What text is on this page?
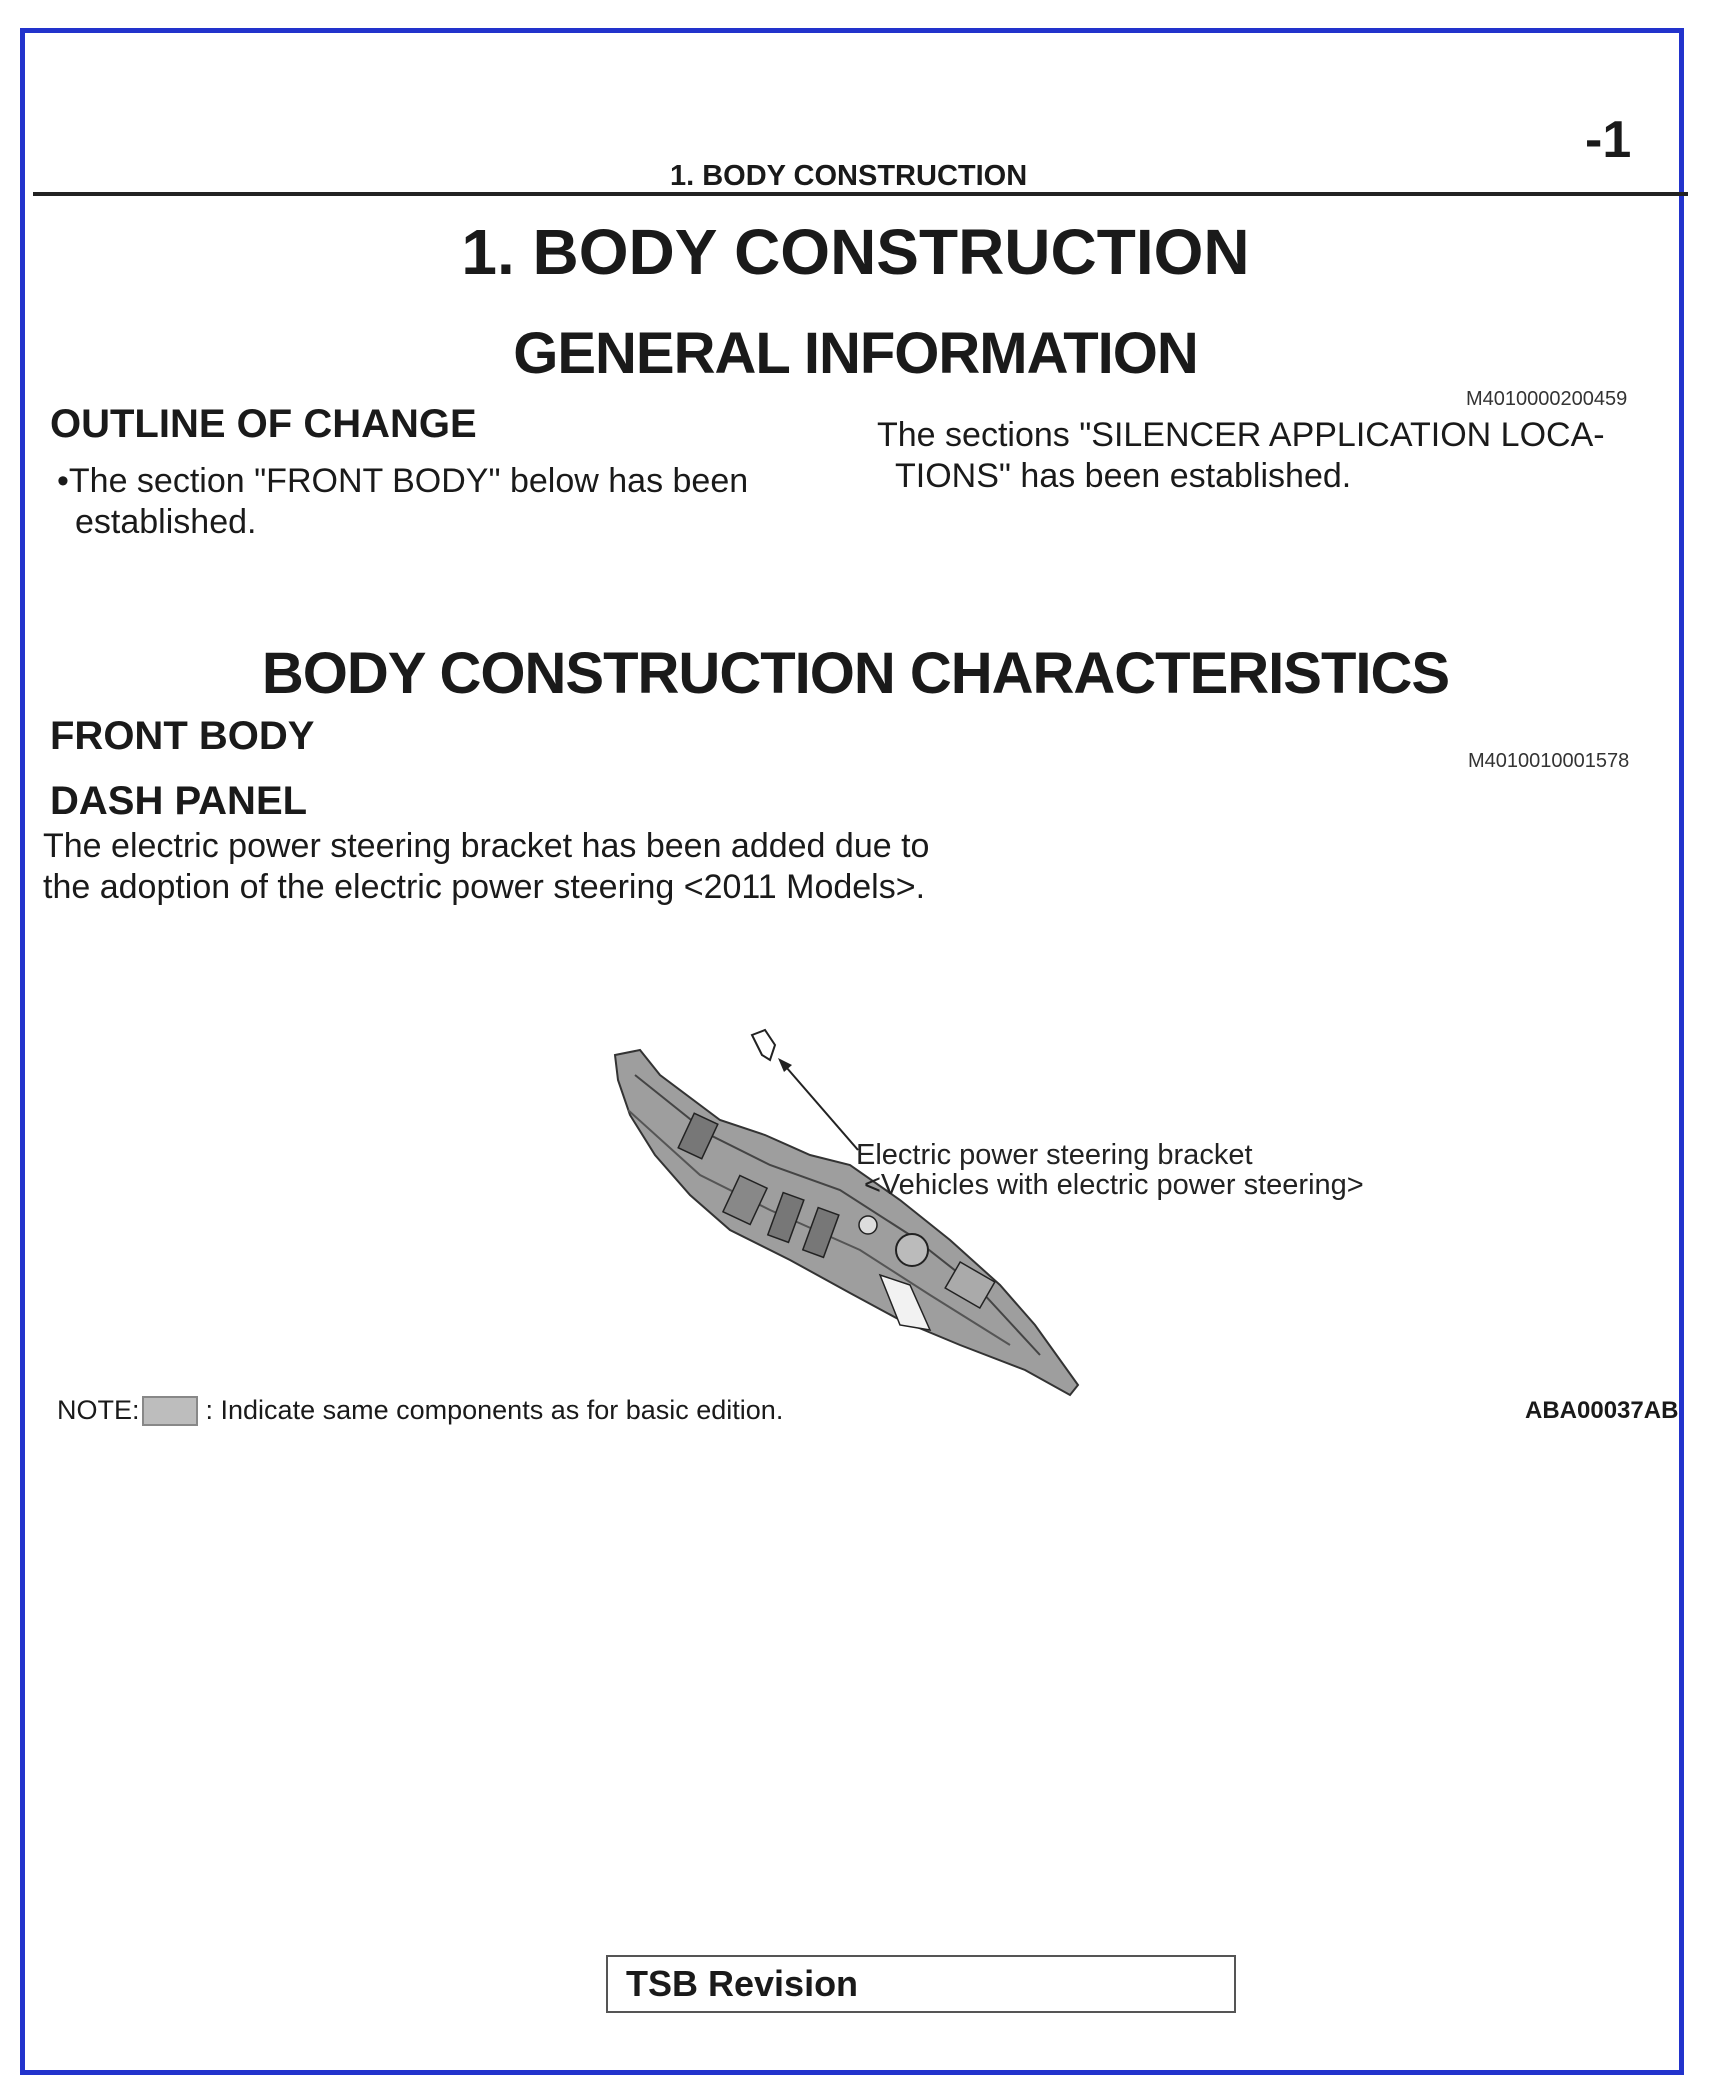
1. BODY CONSTRUCTION
-1
1. BODY CONSTRUCTION
GENERAL INFORMATION
M4010000200459
OUTLINE OF CHANGE
•The section "FRONT BODY" below has been
established.
The sections "SILENCER APPLICATION LOCA-
TIONS" has been established.
BODY CONSTRUCTION CHARACTERISTICS
FRONT BODY
M4010010001578
DASH PANEL
The electric power steering bracket has been added due to
the adoption of the electric power steering <2011 Models>.
Electric power steering bracket
<Vehicles with electric power steering>
NOTE: : Indicate same components as for basic edition.	ABA00037AB
TSB Revision
